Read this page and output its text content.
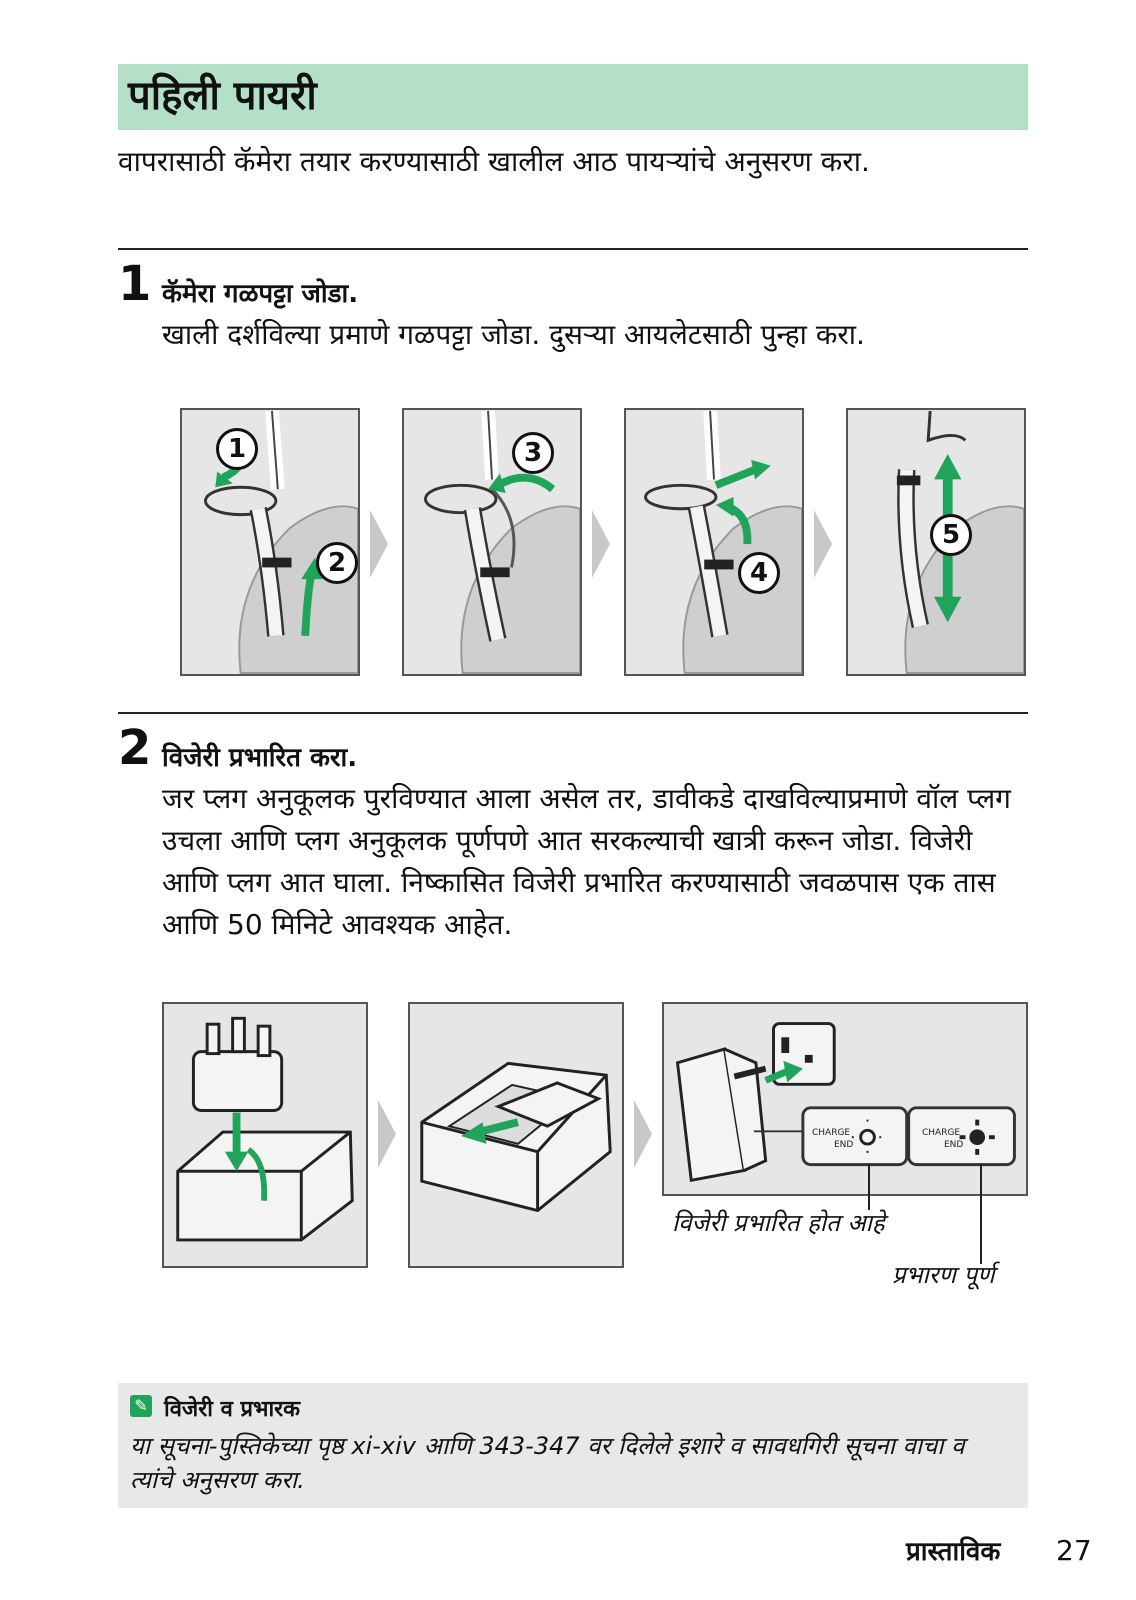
पहिली पायरी
वापरासाठी कॅमेरा तयार करण्यासाठी खालील आठ पायऱ्यांचे अनुसरण करा.
1 कॅमेरा गळपट्टा जोडा.
खाली दर्शविल्या प्रमाणे गळपट्टा जोडा. दुसऱ्या आयलेटसाठी पुन्हा करा.
1
2
3
4
5
2 विजेरी प्रभारित करा.
जर प्लग अनुकूलक पुरविण्यात आला असेल तर, डावीकडे दाखविल्याप्रमाणे वॉल प्लग उचला आणि प्लग अनुकूलक पूर्णपणे आत सरकल्याची खात्री करून जोडा. विजेरी आणि प्लग आत घाला. निष्कासित विजेरी प्रभारित करण्यासाठी जवळपास एक तास आणि 50 मिनिटे आवश्यक आहेत.
CHARGE
END
CHARGE
END
विजेरी प्रभारित होत आहे
प्रभारण पूर्ण
✎ विजेरी व प्रभारक
या सूचना-पुस्तिकेच्या पृष्ठ xi-xiv आणि 343-347 वर दिलेले इशारे व सावधगिरी सूचना वाचा व त्यांचे अनुसरण करा.
प्रास्ताविक 27
